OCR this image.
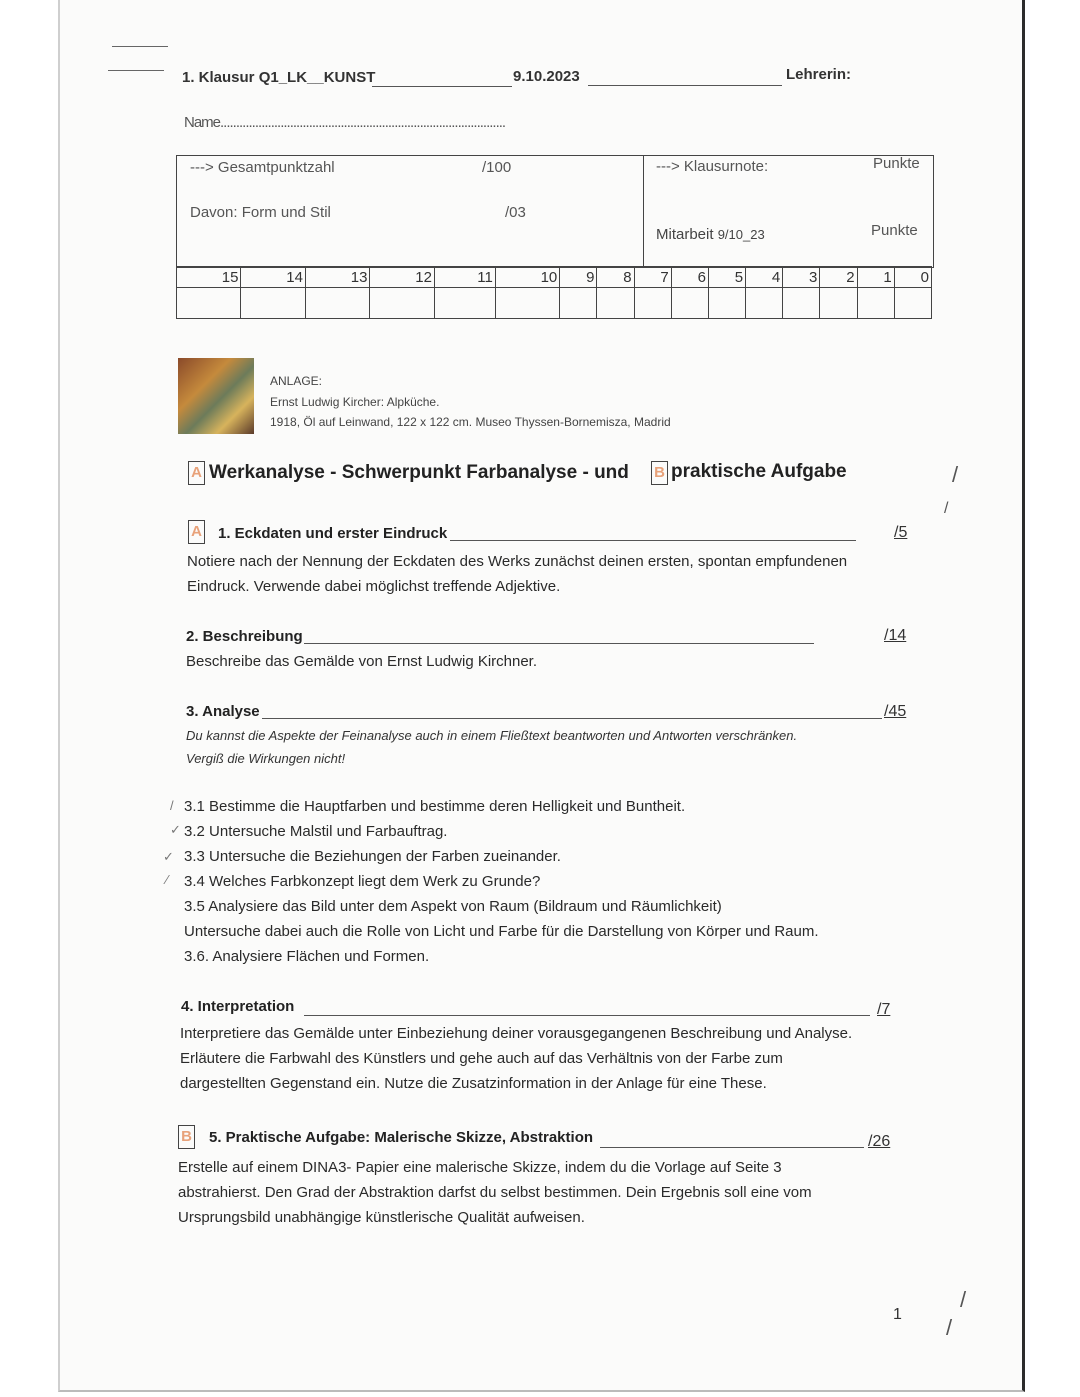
1. Klausur Q1_LK__KUNST	9.10.2023	Lehrerin:
Name..........................................................................................
---> Gesamtpunktzahl	/100
Davon: Form und Stil	/03
---> Klausurnote:	Punkte
Mitarbeit 9/10_23	Punkte
15	14	13	12	11	10	9	8	7	6	5	4	3	2	1	0

ANLAGE:
Ernst Ludwig Kircher: Alpküche.
1918, Öl auf Leinwand, 122 x 122 cm. Museo Thyssen-Bornemisza, Madrid
A Werkanalyse - Schwerpunkt Farbanalyse - und B praktische Aufgabe
A 1. Eckdaten und erster Eindruck	/5
Notiere nach der Nennung der Eckdaten des Werks zunächst deinen ersten, spontan empfundenen
Eindruck. Verwende dabei möglichst treffende Adjektive.
2. Beschreibung	/14
Beschreibe das Gemälde von Ernst Ludwig Kirchner.
3. Analyse	/45
Du kannst die Aspekte der Feinanalyse auch in einem Fließtext beantworten und Antworten verschränken.
Vergiß die Wirkungen nicht!
/
✓
✓
⁄
3.1 Bestimme die Hauptfarben und bestimme deren Helligkeit und Buntheit.
3.2 Untersuche Malstil und Farbauftrag.
3.3 Untersuche die Beziehungen der Farben zueinander.
3.4 Welches Farbkonzept liegt dem Werk zu Grunde?
3.5 Analysiere das Bild unter dem Aspekt von Raum (Bildraum und Räumlichkeit)
Untersuche dabei auch die Rolle von Licht und Farbe für die Darstellung von Körper und Raum.
3.6. Analysiere Flächen und Formen.
4. Interpretation	/7
Interpretiere das Gemälde unter Einbeziehung deiner vorausgegangenen Beschreibung und Analyse.
Erläutere die Farbwahl des Künstlers und gehe auch auf das Verhältnis von der Farbe zum
dargestellten Gegenstand ein. Nutze die Zusatzinformation in der Anlage für eine These.
B 5. Praktische Aufgabe: Malerische Skizze, Abstraktion	/26
Erstelle auf einem DINA3- Papier eine malerische Skizze, indem du die Vorlage auf Seite 3
abstrahierst. Den Grad der Abstraktion darfst du selbst bestimmen. Dein Ergebnis soll eine vom
Ursprungsbild unabhängige künstlerische Qualität aufweisen.
/
/
/
/
1
